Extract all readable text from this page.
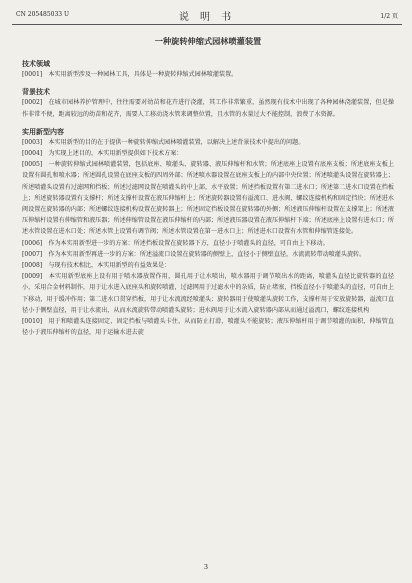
CN 205485033 U	说 明 书	1/2 页
一种旋转伸缩式园林喷灌装置
技术领域

[0001]　本实用新型涉及一种园林工具，具体是一种旋转伸缩式园林喷灌装置。

背景技术

[0002]　在城市园林养护管理中，往往需要对幼苗和花卉进行浇灌，其工作非常繁重，虽然现有技术中出现了各种园林浇灌装置，但是操作非常不便，距离较远的幼苗和花卉，需要人工移动浇水管来调整位置，且水管的水量过大不能控制，浪费了水资源。

实用新型内容

[0003]　本实用新型的目的在于提供一种旋转伸缩式园林喷灌装置，以解决上述背景技术中提出的问题。

[0004]　为实现上述目的，本实用新型提供如下技术方案：

[0005]　一种旋转伸缩式园林喷灌装置，包括底座、喷灌头、旋转器、液压伸缩杆和水管；所述底座上设置有底座支板；所述底座支板上设置有圆孔和喷水器；所述圆孔设置在底座支板的四周外部；所述喷水器设置在底座支板上的内部中央位置；所述喷灌头设置在旋转器上；所述喷灌头设置有过滤网和挡板；所述过滤网设置在喷灌头的中上部，水平放置；所述挡板设置有第二进水口；所述第二进水口设置在挡板上；所述旋转器设置有支撑杆；所述支撑杆设置在液压伸缩杆上；所述旋转器设置有溢流口、进水阀、螺纹连接机构和固定挡块；所述进水阀设置在旋转器的内部；所述螺纹连接机构设置在旋转器上；所述固定挡板设置在旋转器的外侧；所述液压伸缩杆设置在支撑架上；所述液压伸缩杆设置有伸缩管和液压器；所述伸缩管设置在液压伸缩杆的内部；所述液压器设置在液压伸缩杆下端；所述底座上设置有进水口；所述水管设置在进水口处；所述水管上设置有调节阀；所述水管设置在第一进水口上；所述进水口设置有水管和伸缩管连接处。

[0006]　作为本实用新型进一步的方案：所述挡板设置在旋转器下方，直径小于喷灌头的直径，可自由上下移动。

[0007]　作为本实用新型再进一步的方案：所述溢流口设置在旋转器的侧壁上，直径小于侧壁直径，水流流转带动喷灌头旋转。

[0008]　与现有技术相比，本实用新型的有益效果是：

[0009]　本实用新型底座上设有用于喷水器放置作用，圆孔用于让水喷出，喷水器用于调节喷出水的距离，喷灌头直径比旋转器的直径小，采用合金材料制作，用于让水进入底座头和旋转喷灌，过滤网用于过滤水中的杂质，防止堵塞，挡板直径小于喷灌头的直径，可自由上下移动，用于缓冲作用；第二进水口贯穿挡板，用于让水流流经喷灌头；旋转器用于使喷灌头旋转工作，支撑杆用于安放旋转器，溢流口直径小于侧壁直径，用于让水流出，从而水流旋转带动喷灌头旋转；进水阀用于让水流入旋转器内部从而通过溢流口，螺纹连接机构

[0010]　用于和喷灌头连接固定，固定挡板与喷灌头卡住，从而防止打滑，喷灌头不能旋转；液压伸缩杆用于调节喷灌的面积，伸缩管直径小于液压伸缩杆的直径，用于运输水进去旋

3
